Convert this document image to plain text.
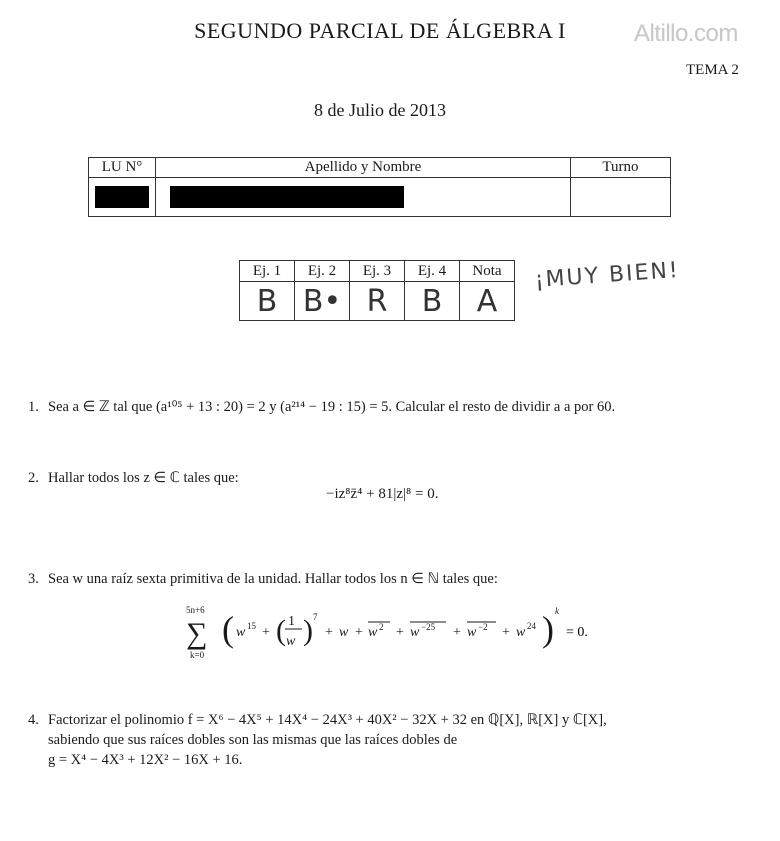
SEGUNDO PARCIAL DE ÁLGEBRA I	Altillo.com
TEMA 2
8 de Julio de 2013
LU N°	Apellido y Nombre	Turno

Ej. 1	Ej. 2	Ej. 3	Ej. 4	Nota
B	B•	R	B	A
¡MUY BIEN!
1. Sea a ∈ ℤ tal que (a¹⁰⁵ + 13 : 20) = 2 y (a²¹⁴ − 19 : 15) = 5. Calcular el resto de dividir a a por 60.
2. Hallar todos los z ∈ ℂ tales que:
−iz⁸z̄⁴ + 81|z|⁸ = 0.
3. Sea w una raíz sexta primitiva de la unidad. Hallar todos los n ∈ ℕ tales que:
5n+6
∑
k=0
( w 15 + ( 1
w ) 7
+ w + w 2 + w −25 + w −2 + w 24 ) k
= 0.
4. Factorizar el polinomio f = X⁶ − 4X⁵ + 14X⁴ − 24X³ + 40X² − 32X + 32 en ℚ[X], ℝ[X] y ℂ[X],
sabiendo que sus raíces dobles son las mismas que las raíces dobles de
g = X⁴ − 4X³ + 12X² − 16X + 16.
